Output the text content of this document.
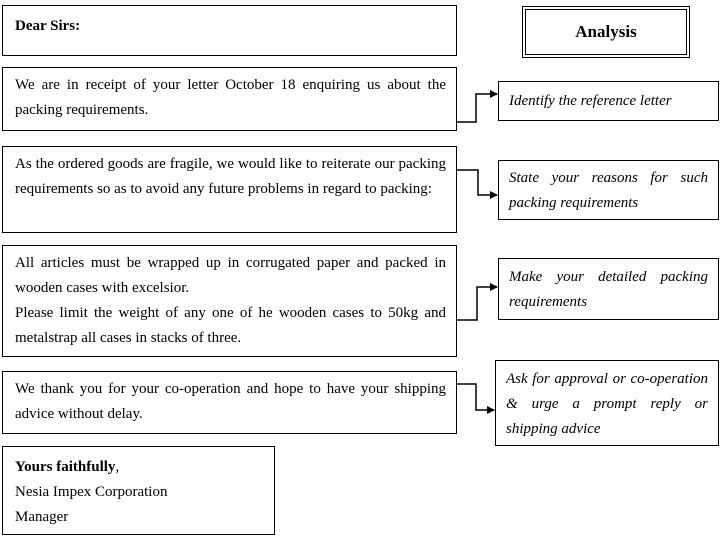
Dear Sirs:	Analysis
We are in receipt of your letter October 18 enquiring us about the packing requirements.
As the ordered goods are fragile, we would like to reiterate our packing requirements so as to avoid any future problems in regard to packing:
All articles must be wrapped up in corrugated paper and packed in wooden cases with excelsior.
Please limit the weight of any one of he wooden cases to 50kg and metalstrap all cases in stacks of three.
We thank you for your co-operation and hope to have your shipping advice without delay.
Yours faithfully,
Nesia Impex Corporation
Manager
Identify the reference letter
State your reasons for such packing requirements
Make your detailed packing requirements
Ask for approval or co-operation & urge a prompt reply or shipping advice
